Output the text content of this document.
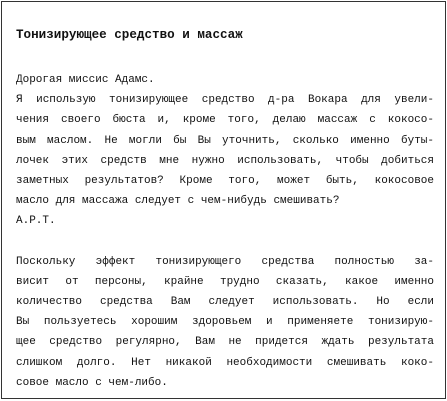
Тонизирующее средство и массаж
Дорогая миссис Адамс.
Я использую тонизирующее средство д-ра Вокара для увели-
чения своего бюста и, кроме того, делаю массаж с кокосо-
вым маслом. Не могли бы Вы уточнить, сколько именно буты-
лочек этих средств мне нужно использовать, чтобы добиться
заметных результатов? Кроме того, может быть, кокосовое
масло для массажа следует с чем-нибудь смешивать?
А.Р.Т.
Поскольку эффект тонизирующего средства полностью за-
висит от персоны, крайне трудно сказать, какое именно
количество средства Вам следует использовать. Но если
Вы пользуетесь хорошим здоровьем и применяете тонизирую-
щее средство регулярно, Вам не придется ждать результата
слишком долго. Нет никакой необходимости смешивать коко-
совое масло с чем-либо.
